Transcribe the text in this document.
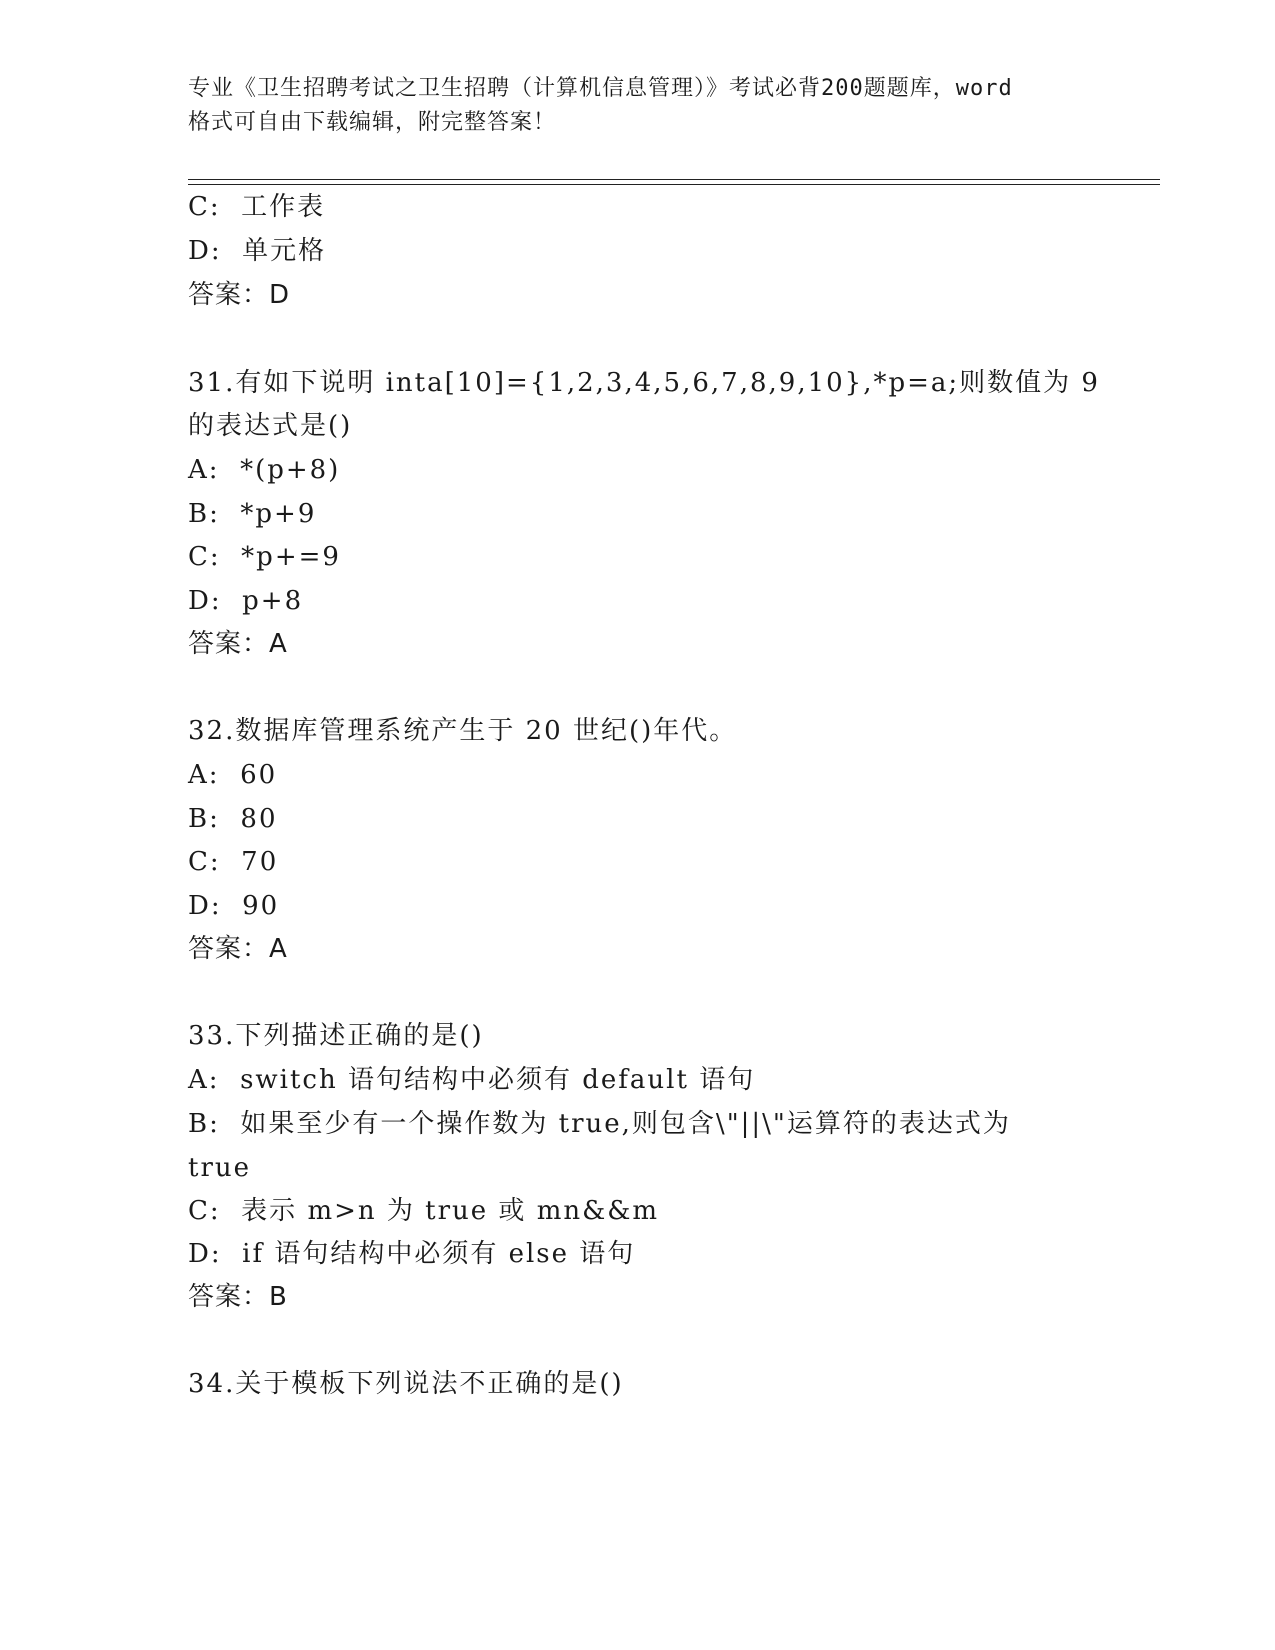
专业《卫生招聘考试之卫生招聘（计算机信息管理）》考试必背200题题库，word
格式可自由下载编辑，附完整答案！
C:  工作表
D:  单元格
答案：D
31.有如下说明 inta[10]={1,2,3,4,5,6,7,8,9,10},*p=a;则数值为 9
的表达式是()
A:  *(p+8)
B:  *p+9
C:  *p+=9
D:  p+8
答案：A
32.数据库管理系统产生于 20 世纪()年代。
A:  60
B:  80
C:  70
D:  90
答案：A
33.下列描述正确的是()
A:  switch 语句结构中必须有 default 语句
B:  如果至少有一个操作数为 true,则包含\"||\"运算符的表达式为
true
C:  表示 m>n 为 true 或 mn&&m
D:  if 语句结构中必须有 else 语句
答案：B
34.关于模板下列说法不正确的是()
